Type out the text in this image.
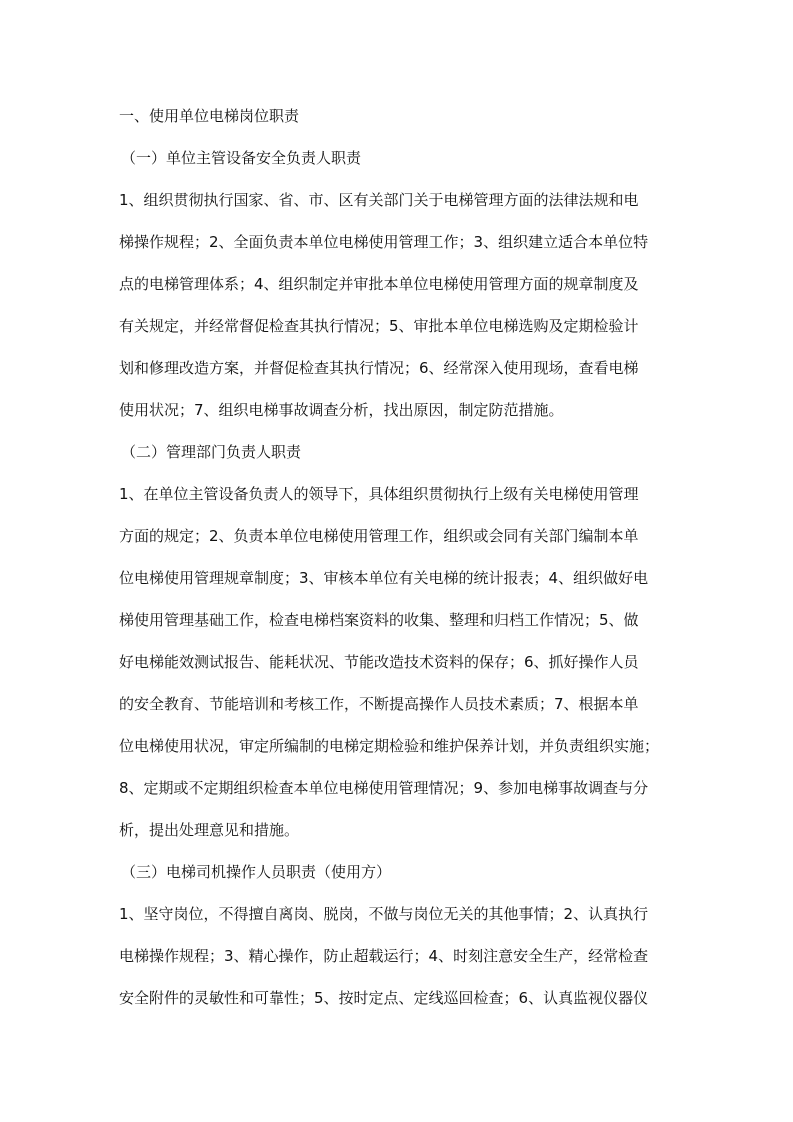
一、使用单位电梯岗位职责
（一）单位主管设备安全负责人职责
1、组织贯彻执行国家、省、市、区有关部门关于电梯管理方面的法律法规和电
梯操作规程；2、全面负责本单位电梯使用管理工作；3、组织建立适合本单位特
点的电梯管理体系；4、组织制定并审批本单位电梯使用管理方面的规章制度及
有关规定，并经常督促检查其执行情况；5、审批本单位电梯选购及定期检验计
划和修理改造方案，并督促检查其执行情况；6、经常深入使用现场，查看电梯
使用状况；7、组织电梯事故调查分析，找出原因，制定防范措施。
（二）管理部门负责人职责
1、在单位主管设备负责人的领导下，具体组织贯彻执行上级有关电梯使用管理
方面的规定；2、负责本单位电梯使用管理工作，组织或会同有关部门编制本单
位电梯使用管理规章制度；3、审核本单位有关电梯的统计报表；4、组织做好电
梯使用管理基础工作，检查电梯档案资料的收集、整理和归档工作情况；5、做
好电梯能效测试报告、能耗状况、节能改造技术资料的保存；6、抓好操作人员
的安全教育、节能培训和考核工作，不断提高操作人员技术素质；7、根据本单
位电梯使用状况，审定所编制的电梯定期检验和维护保养计划，并负责组织实施；
8、定期或不定期组织检查本单位电梯使用管理情况；9、参加电梯事故调查与分
析，提出处理意见和措施。
（三）电梯司机操作人员职责（使用方）
1、坚守岗位，不得擅自离岗、脱岗，不做与岗位无关的其他事情；2、认真执行
电梯操作规程；3、精心操作，防止超载运行；4、时刻注意安全生产，经常检查
安全附件的灵敏性和可靠性；5、按时定点、定线巡回检查；6、认真监视仪器仪
